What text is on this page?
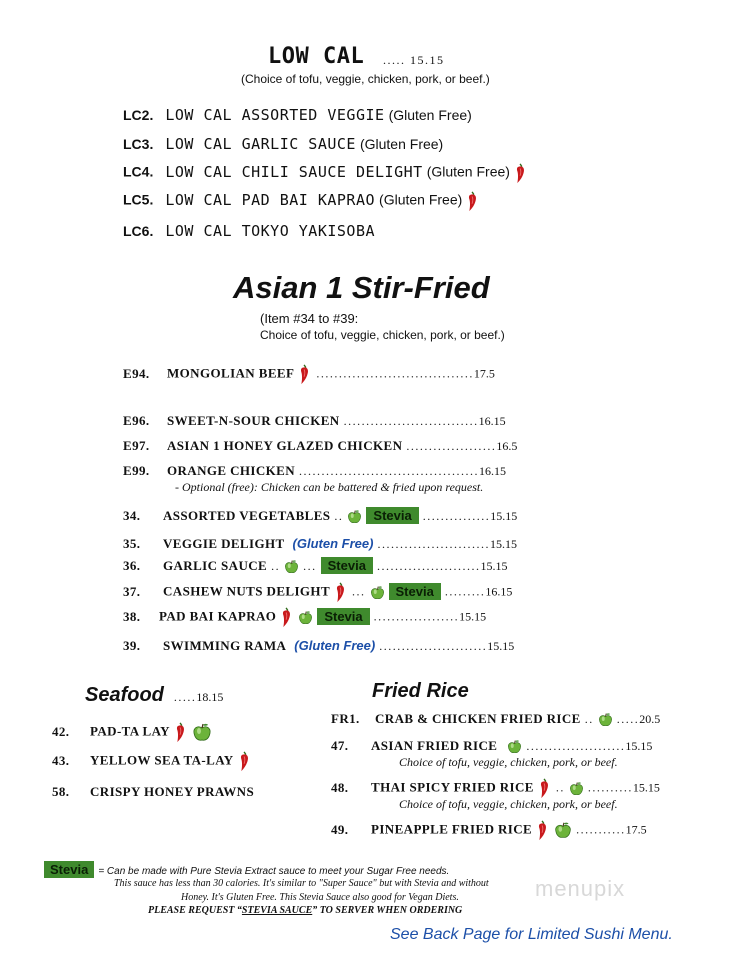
LOW CAL ..... 15.15
(Choice of tofu, veggie, chicken, pork, or beef.)
LC2. LOW CAL ASSORTED VEGGIE (Gluten Free)
LC3. LOW CAL GARLIC SAUCE (Gluten Free)
LC4. LOW CAL CHILI SAUCE DELIGHT (Gluten Free)
LC5. LOW CAL PAD BAI KAPRAO (Gluten Free)
LC6. LOW CAL TOKYO YAKISOBA
Asian 1 Stir-Fried
(Item #34 to #39:
Choice of tofu, veggie, chicken, pork, or beef.)
E94. MONGOLIAN BEEF ...................................17.5
E96. SWEET-N-SOUR CHICKEN ..............................16.15
E97. ASIAN 1 HONEY GLAZED CHICKEN ....................16.5
E99. ORANGE CHICKEN ........................................16.15
- Optional (free): Chicken can be battered & fried upon request.
34. ASSORTED VEGETABLES .. Stevia ...............15.15
35. VEGGIE DELIGHT (Gluten Free) .........................15.15
36. GARLIC SAUCE .. ... Stevia .......................15.15
37. CASHEW NUTS DELIGHT ... Stevia .........16.15
38. PAD BAI KAPRAO	Stevia ...................15.15
39. SWIMMING RAMA (Gluten Free) ........................15.15
Seafood .....18.15
42. PAD-TA LAY
43. YELLOW SEA TA-LAY
58. CRISPY HONEY PRAWNS
Fried Rice
FR1. CRAB & CHICKEN FRIED RICE .. .....20.5
47. ASIAN FRIED RICE ......................15.15
Choice of tofu, veggie, chicken, pork, or beef.
48. THAI SPICY FRIED RICE .. ..........15.15
Choice of tofu, veggie, chicken, pork, or beef.
49. PINEAPPLE FRIED RICE	...........17.5
Stevia = Can be made with Pure Stevia Extract sauce to meet your Sugar Free needs.
This sauce has less than 30 calories. It's similar to "Super Sauce" but with Stevia and without
Honey. It's Gluten Free. This Stevia Sauce also good for Vegan Diets.
PLEASE REQUEST “STEVIA SAUCE” TO SERVER WHEN ORDERING
menupix
See Back Page for Limited Sushi Menu.
